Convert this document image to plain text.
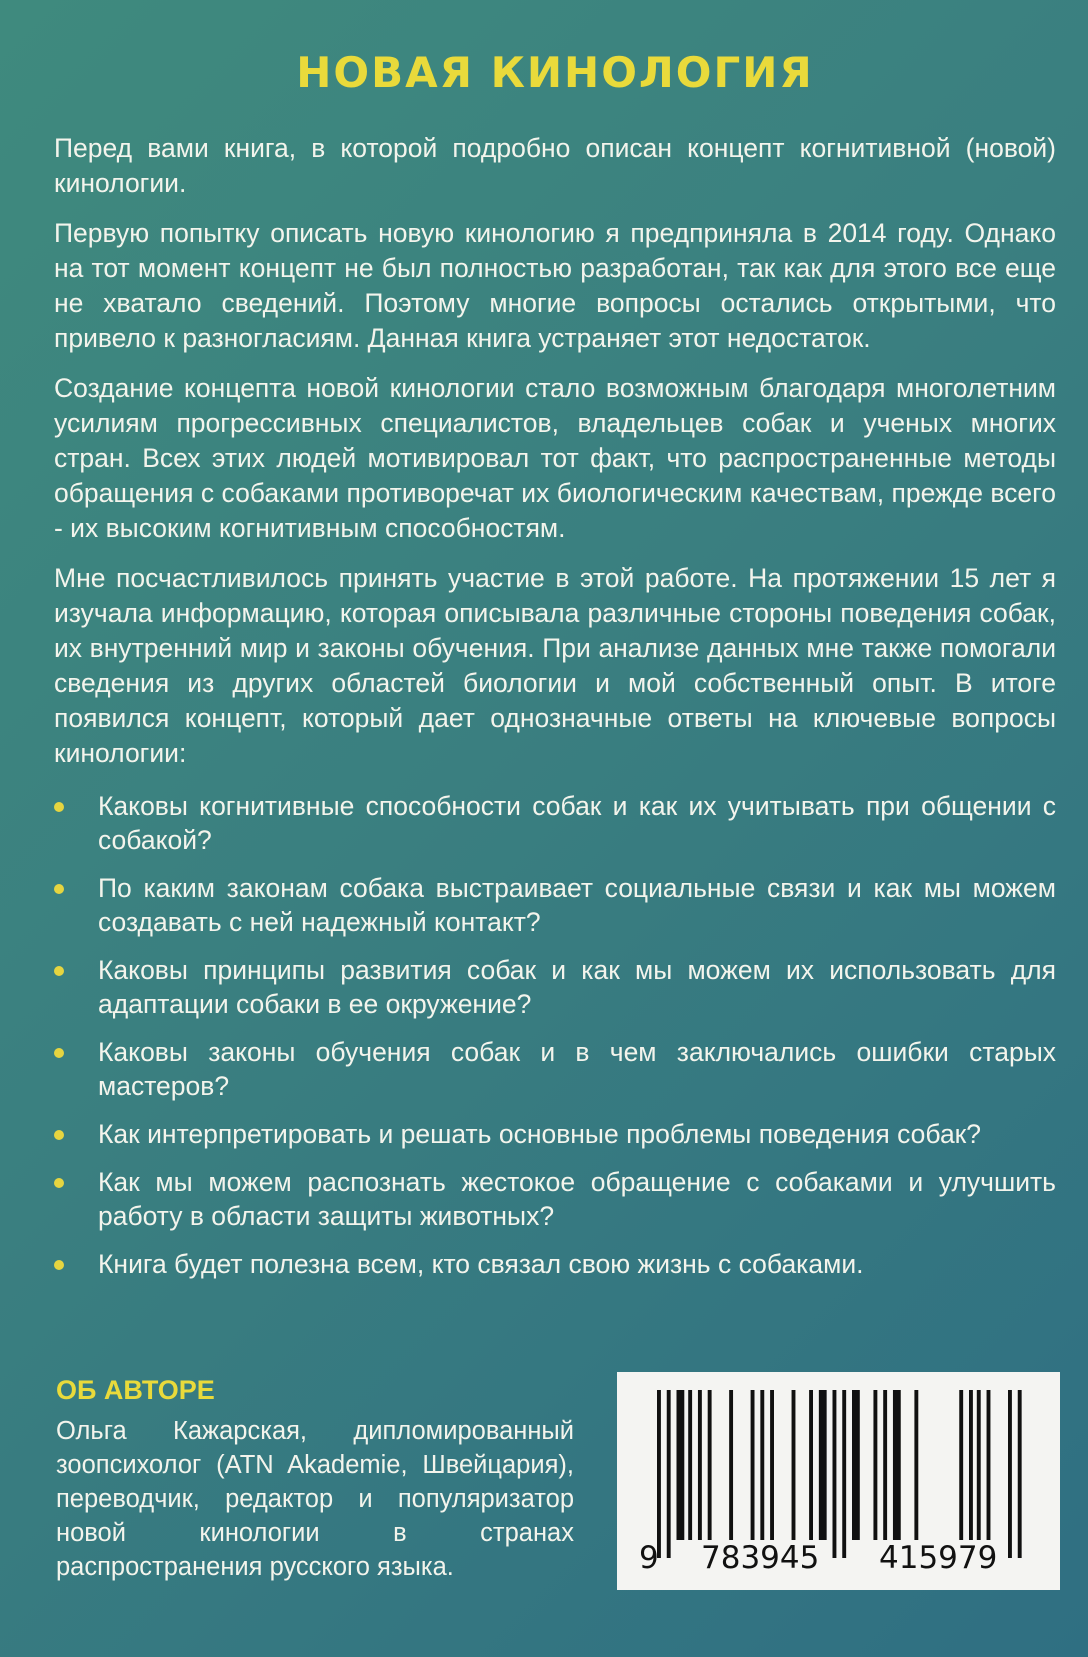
НОВАЯ КИНОЛОГИЯ

Перед вами книга, в которой подробно описан концепт когнитивной (новой) кинологии.

Первую попытку описать новую кинологию я предприняла в 2014 году. Однако на тот момент концепт не был полностью разработан, так как для этого все еще не хватало сведений. Поэтому многие вопросы остались открытыми, что привело к разногласиям. Данная книга устраняет этот недостаток.

Создание концепта новой кинологии стало возможным благодаря многолетним усилиям прогрессивных специалистов, владельцев собак и ученых многих стран. Всех этих людей мотивировал тот факт, что распространенные методы обращения с собаками противоречат их биологическим качествам, прежде всего - их высоким когнитивным способностям.

Мне посчастливилось принять участие в этой работе. На протяжении 15 лет я изучала информацию, которая описывала различные стороны поведения собак, их внутренний мир и законы обучения. При анализе данных мне также помогали сведения из других областей биологии и мой собственный опыт. В итоге появился концепт, который дает однозначные ответы на ключевые вопросы кинологии:

Каковы когнитивные способности собак и как их учитывать при общении с собакой?
По каким законам собака выстраивает социальные связи и как мы можем создавать с ней надежный контакт?
Каковы принципы развития собак и как мы можем их использовать для адаптации собаки в ее окружение?
Каковы законы обучения собак и в чем заключались ошибки старых мастеров?
Как интерпретировать и решать основные проблемы поведения собак?
Как мы можем распознать жестокое обращение с собаками и улучшить работу в области защиты животных?
Книга будет полезна всем, кто связал свою жизнь с собаками.
ОБ АВТОРЕ
Ольга Кажарская, дипломированный зоопсихолог (ATN Akademie, Швейцария), переводчик, редактор и популяризатор новой кинологии в странах распространения русского языка.	9 783945 415979
